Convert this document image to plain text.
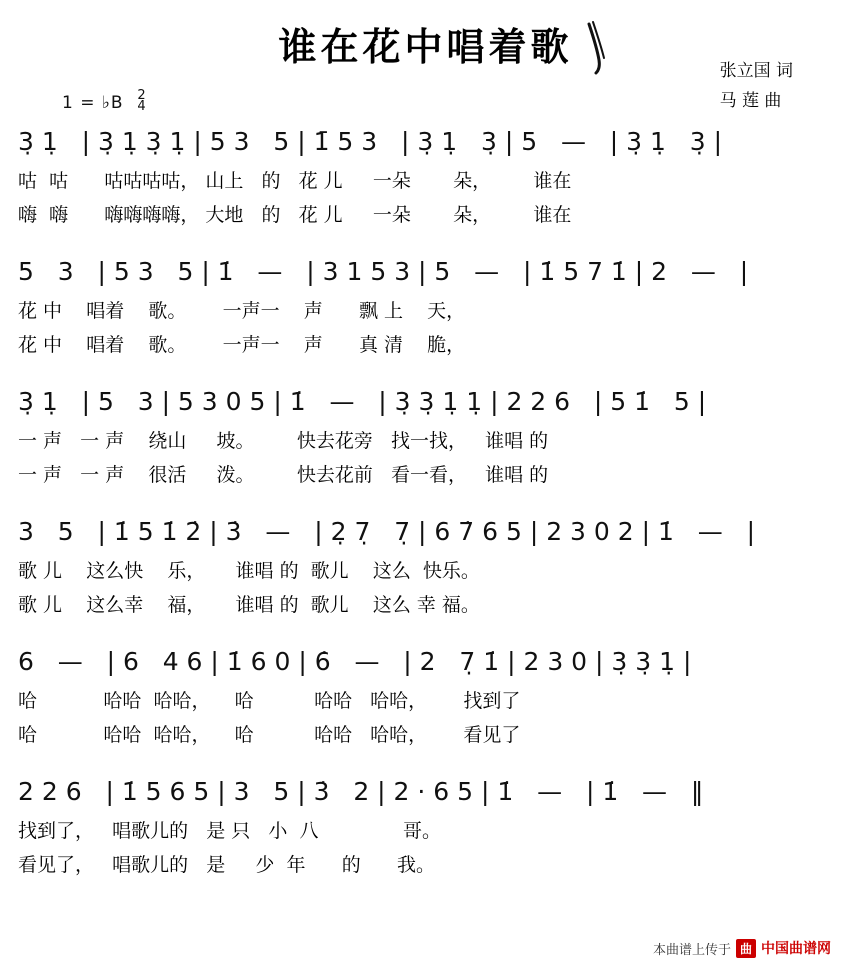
谁在花中唱着歌
张立国 词
马 莲 曲
1 = ♭B 2
4
3̣ 1̣   | 3̣ 1̣ 3̣ 1̣ | 5 3   5 | 1̄ 5 3   | 3̣ 1̣   3̣ | 5   —   | 3̣ 1̣   3̣ |
咕  咕      咕咕咕咕， 山上   的   花 儿     一朵       朵，       谁在
嗨  嗨      嗨嗨嗨嗨， 大地   的   花 儿     一朵       朵，       谁在
5   3   | 5 3   5 | 1̇   —   | 3 1 5 3 | 5   —   | 1̇ 5 7 1̇ | 2   —   |
花 中    唱着    歌。      一声一    声      飘 上    天，
花 中    唱着    歌。      一声一    声      真 清    脆，
3̣ 1̣   | 5   3 | 5 3 0 5 | 1̇   —   | 3̣ 3̣ 1̣ 1̣ | 2 2 6   | 5 1̇   5 |
一 声   一 声    绕山     坡。       快去花旁   找一找，   谁唱 的
一 声   一 声    很活     泼。       快去花前   看一看，   谁唱 的
3   5   | 1̇ 5 1̇ 2̇ | 3̇   —   | 2̣ 7̣   7̣ | 6 7̇ 6 5 | 2 3 0 2 | 1̇   —   |
歌 儿    这么快    乐，     谁唱 的  歌儿    这么  快乐。
歌 儿    这么幸    福，     谁唱 的  歌儿    这么 幸 福。
6   —   | 6   4 6 | 1̇ 6 0 | 6̇   —   | 2   7̣ 1̇ | 2 3 0 | 3̣ 3̣ 1̣ |
哈           哈哈  哈哈，    哈          哈哈   哈哈，      找到了
哈           哈哈  哈哈，    哈          哈哈   哈哈，      看见了
2 2 6   | 1̇ 5 6 5 | 3   5 | 3̇   2 | 2 · 6 5 | 1̇   —   | 1̇   —   ‖
找到了，   唱歌儿的   是 只   小  八              哥。
看见了，   唱歌儿的   是     少  年      的      我。
本曲谱上传于 曲 中国曲谱网
